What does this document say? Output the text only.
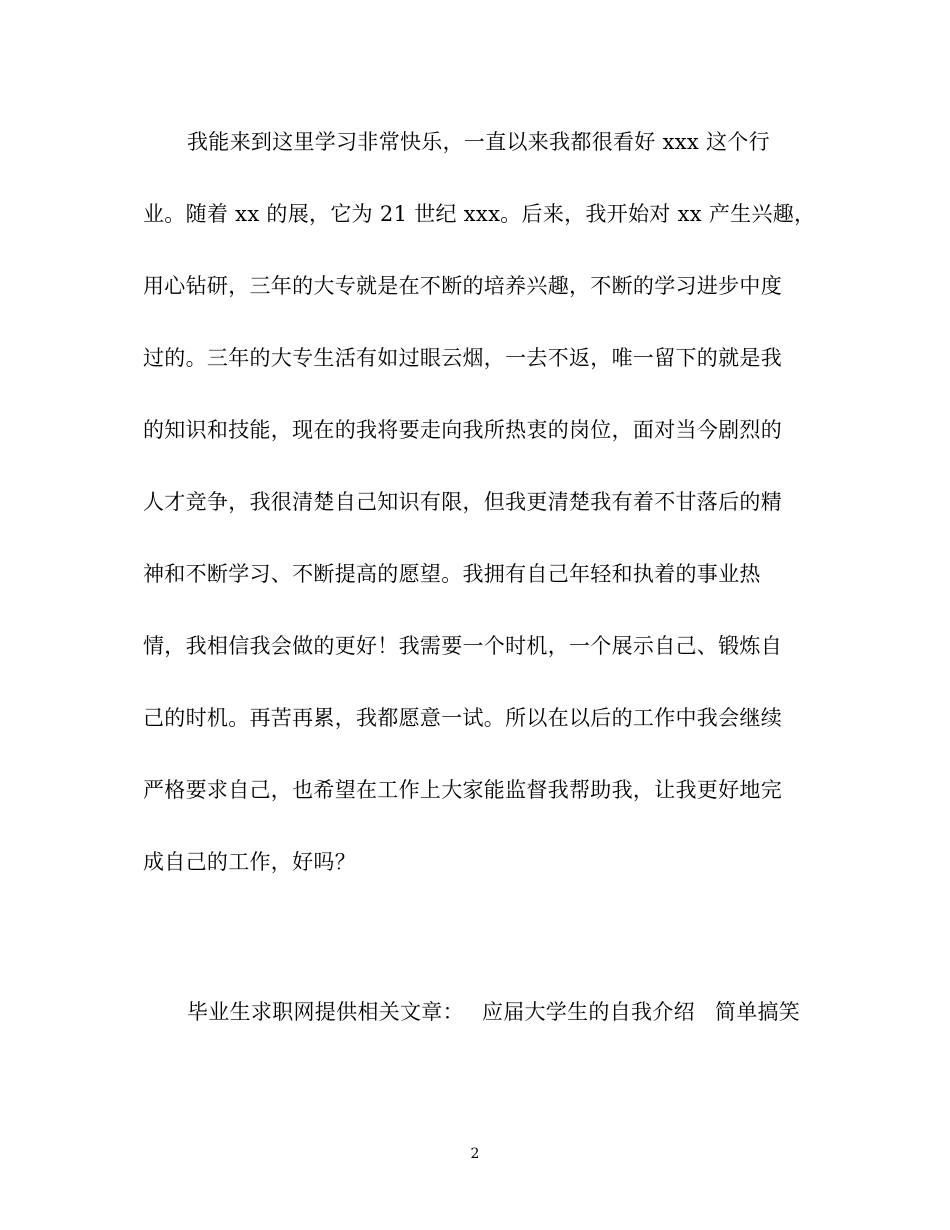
我能来到这里学习非常快乐，一直以来我都很看好 xxx 这个行
业。随着 xx 的展，它为 21 世纪 xxx。后来，我开始对 xx 产生兴趣，
用心钻研，三年的大专就是在不断的培养兴趣，不断的学习进步中度
过的。三年的大专生活有如过眼云烟，一去不返，唯一留下的就是我
的知识和技能，现在的我将要走向我所热衷的岗位，面对当今剧烈的
人才竞争，我很清楚自己知识有限，但我更清楚我有着不甘落后的精
神和不断学习、不断提高的愿望。我拥有自己年轻和执着的事业热
情，我相信我会做的更好！我需要一个时机，一个展示自己、锻炼自
己的时机。再苦再累，我都愿意一试。所以在以后的工作中我会继续
严格要求自己，也希望在工作上大家能监督我帮助我，让我更好地完
成自己的工作，好吗？
毕业生求职网提供相关文章： 应届大学生的自我介绍 简单搞笑
2
